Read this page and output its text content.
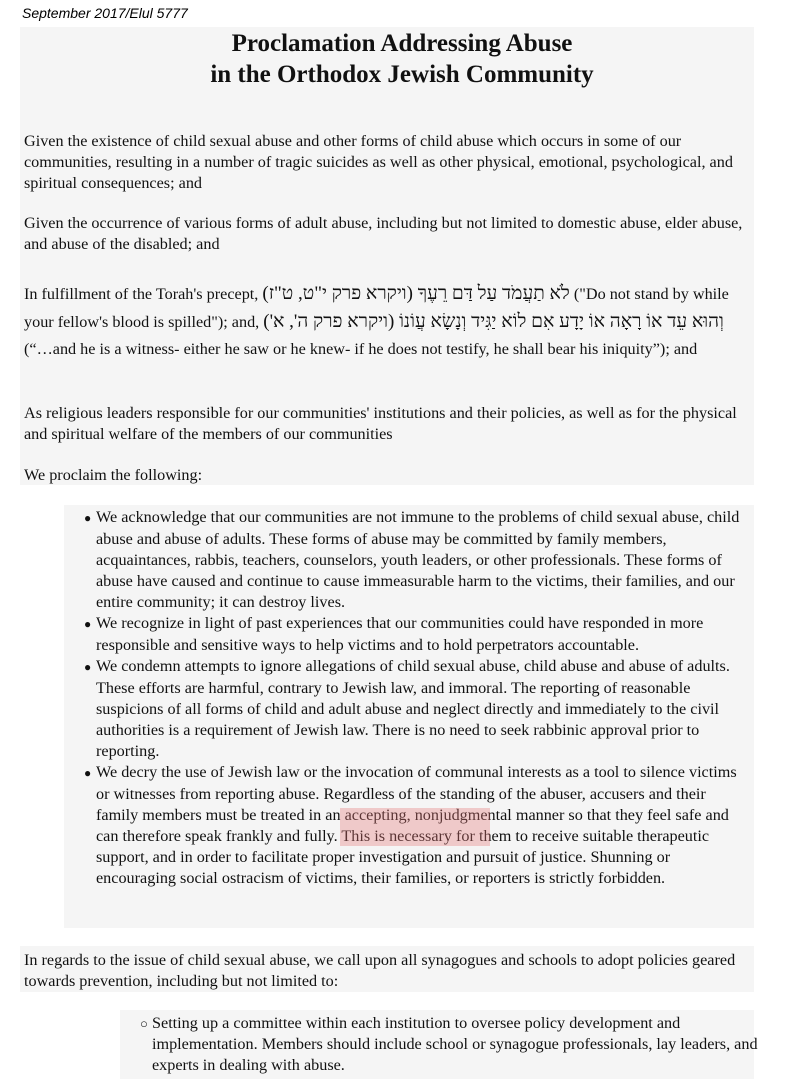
September 2017/Elul 5777
Proclamation Addressing Abuse
in the Orthodox Jewish Community
Given the existence of child sexual abuse and other forms of child abuse which occurs in some of our communities, resulting in a number of tragic suicides as well as other physical, emotional, psychological, and spiritual consequences; and
Given the occurrence of various forms of adult abuse, including but not limited to domestic abuse, elder abuse, and abuse of the disabled; and
In fulfillment of the Torah's precept, לֹא תַעֲמֹד עַל דַּם רֵעֶךָ (ויקרא פרק י"ט, ט"ז) ("Do not stand by while your fellow's blood is spilled"); and, וְהוּא עֵד אוֹ רָאָה אוֹ יָדָע אִם לוֹא יַגִּיד וְנָשָׂא עֲוֹנוֹ (ויקרא פרק ה', א') (“…and he is a witness- either he saw or he knew- if he does not testify, he shall bear his iniquity”); and
As religious leaders responsible for our communities' institutions and their policies, as well as for the physical and spiritual welfare of the members of our communities
We proclaim the following:
● We acknowledge that our communities are not immune to the problems of child sexual abuse, child abuse and abuse of adults. These forms of abuse may be committed by family members, acquaintances, rabbis, teachers, counselors, youth leaders, or other professionals. These forms of abuse have caused and continue to cause immeasurable harm to the victims, their families, and our entire community; it can destroy lives.
● We recognize in light of past experiences that our communities could have responded in more responsible and sensitive ways to help victims and to hold perpetrators accountable.
● We condemn attempts to ignore allegations of child sexual abuse, child abuse and abuse of adults. These efforts are harmful, contrary to Jewish law, and immoral. The reporting of reasonable suspicions of all forms of child and adult abuse and neglect directly and immediately to the civil authorities is a requirement of Jewish law. There is no need to seek rabbinic approval prior to reporting.
● We decry the use of Jewish law or the invocation of communal interests as a tool to silence victims or witnesses from reporting abuse. Regardless of the standing of the abuser, accusers and their family members must be treated in an accepting, nonjudgmental manner so that they feel safe and can therefore speak frankly and fully. This is necessary for them to receive suitable therapeutic support, and in order to facilitate proper investigation and pursuit of justice. Shunning or encouraging social ostracism of victims, their families, or reporters is strictly forbidden.
In regards to the issue of child sexual abuse, we call upon all synagogues and schools to adopt policies geared towards prevention, including but not limited to:
○ Setting up a committee within each institution to oversee policy development and implementation. Members should include school or synagogue professionals, lay leaders, and experts in dealing with abuse.
